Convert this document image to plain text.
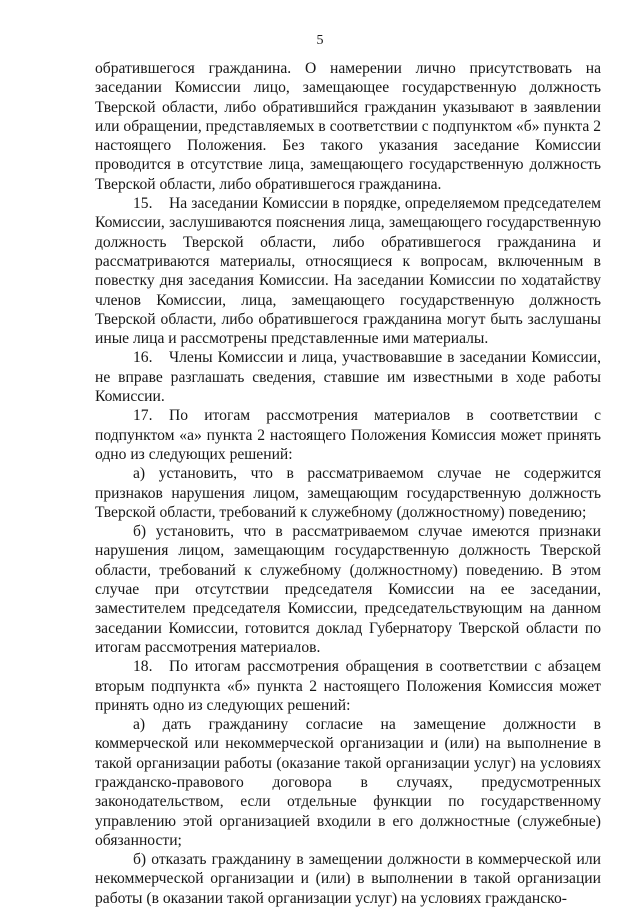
5

обратившегося гражданина. О намерении лично присутствовать на заседании Комиссии лицо, замещающее государственную должность Тверской области, либо обратившийся гражданин указывают в заявлении или обращении, представляемых в соответствии с подпунктом «б» пункта 2 настоящего Положения. Без такого указания заседание Комиссии проводится в отсутствие лица, замещающего государственную должность Тверской области, либо обратившегося гражданина.

15. На заседании Комиссии в порядке, определяемом председателем Комиссии, заслушиваются пояснения лица, замещающего государственную должность Тверской области, либо обратившегося гражданина и рассматриваются материалы, относящиеся к вопросам, включенным в повестку дня заседания Комиссии. На заседании Комиссии по ходатайству членов Комиссии, лица, замещающего государственную должность Тверской области, либо обратившегося гражданина могут быть заслушаны иные лица и рассмотрены представленные ими материалы.

16. Члены Комиссии и лица, участвовавшие в заседании Комиссии, не вправе разглашать сведения, ставшие им известными в ходе работы Комиссии.

17. По итогам рассмотрения материалов в соответствии с подпунктом «а» пункта 2 настоящего Положения Комиссия может принять одно из следующих решений:

а) установить, что в рассматриваемом случае не содержится признаков нарушения лицом, замещающим государственную должность Тверской области, требований к служебному (должностному) поведению;

б) установить, что в рассматриваемом случае имеются признаки нарушения лицом, замещающим государственную должность Тверской области, требований к служебному (должностному) поведению. В этом случае при отсутствии председателя Комиссии на ее заседании, заместителем председателя Комиссии, председательствующим на данном заседании Комиссии, готовится доклад Губернатору Тверской области по итогам рассмотрения материалов.

18. По итогам рассмотрения обращения в соответствии с абзацем вторым подпункта «б» пункта 2 настоящего Положения Комиссия может принять одно из следующих решений:

а) дать гражданину согласие на замещение должности в коммерческой или некоммерческой организации и (или) на выполнение в такой организации работы (оказание такой организации услуг) на условиях гражданско-правового договора в случаях, предусмотренных законодательством, если отдельные функции по государственному управлению этой организацией входили в его должностные (служебные) обязанности;

б) отказать гражданину в замещении должности в коммерческой или некоммерческой организации и (или) в выполнении в такой организации работы (в оказании такой организации услуг) на условиях гражданско-
